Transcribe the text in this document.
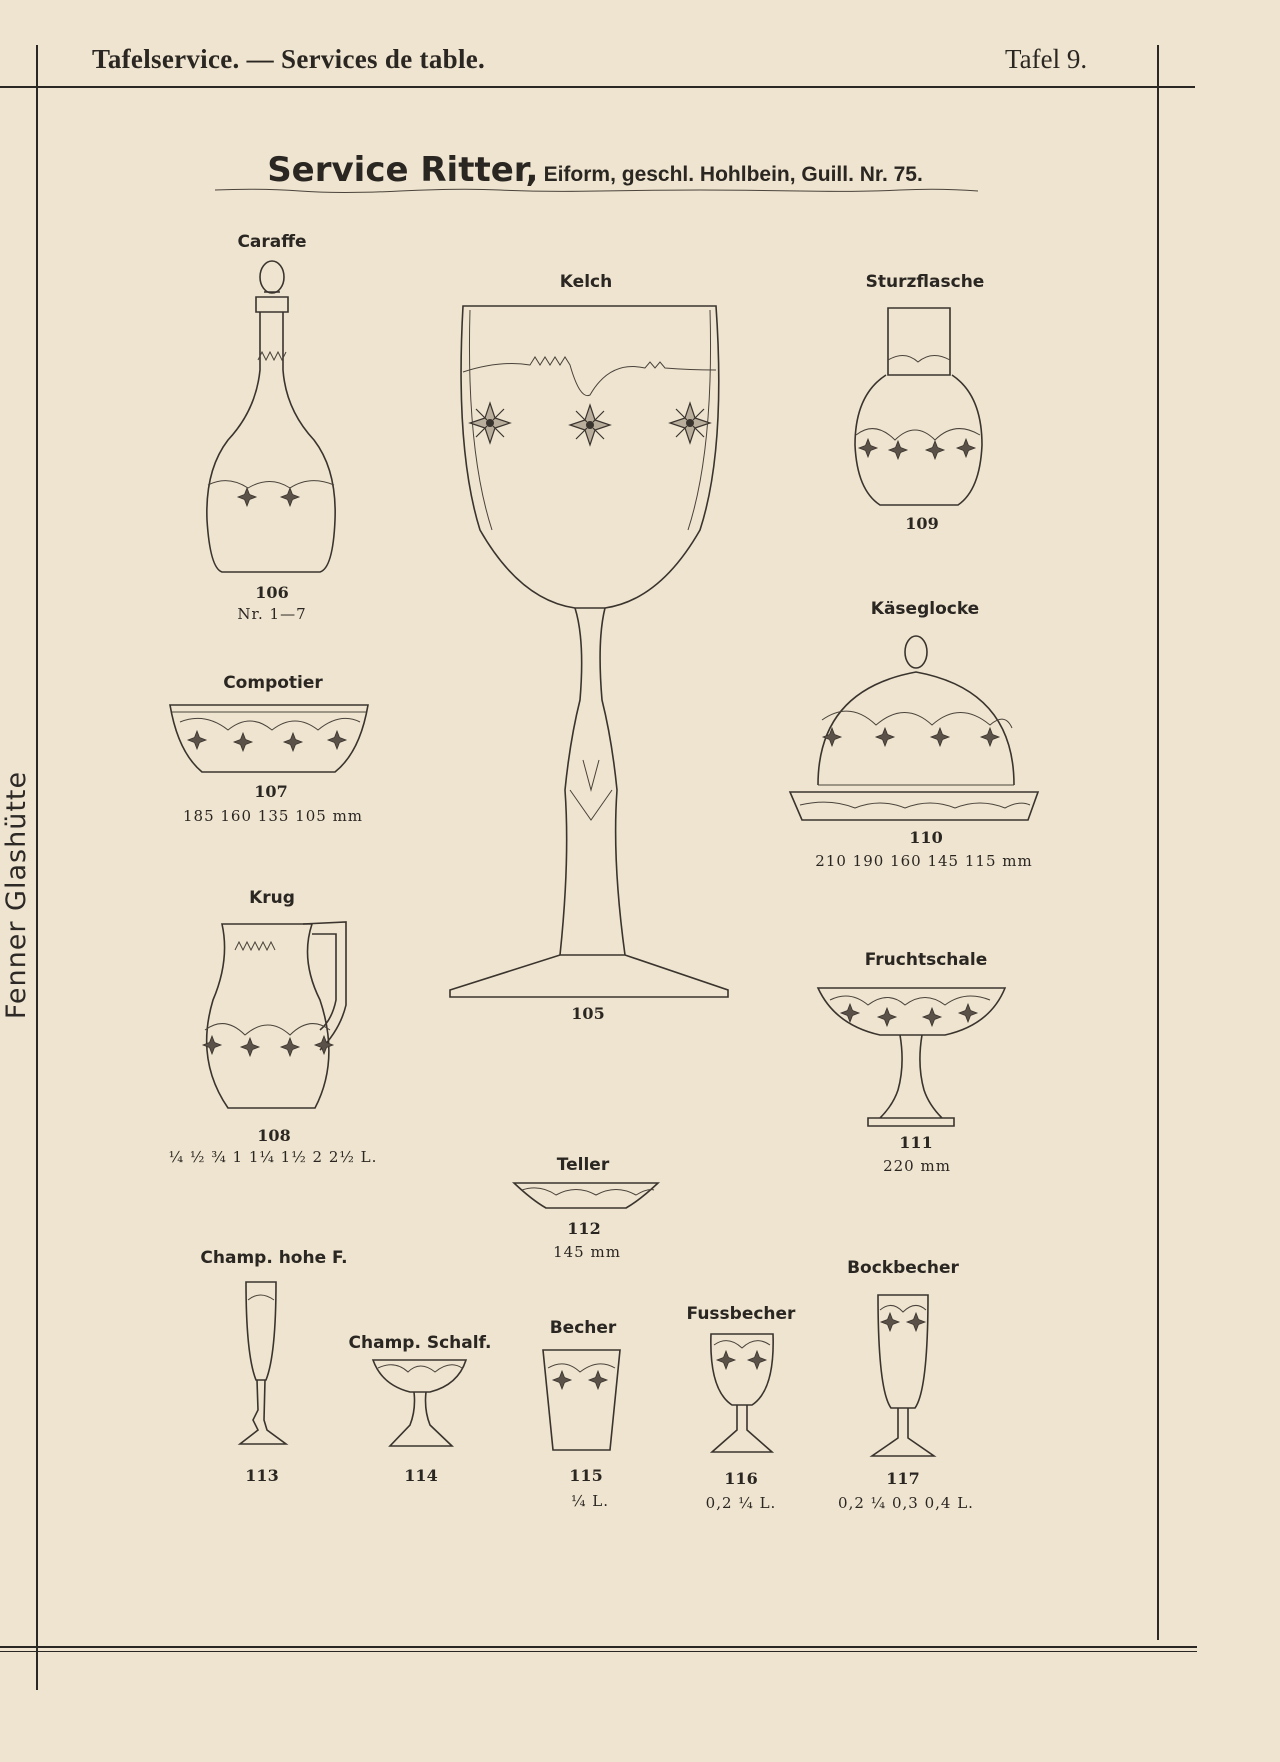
Tafelservice. — Services de table.	Tafel 9.
Fenner Glashütte
Service Ritter, Eiform, geschl. Hohlbein, Guill. Nr. 75.
Caraffe
106
Nr. 1—7
Kelch
105
Sturzflasche
109
Compotier
107
185 160 135 105 mm
Käseglocke
110
210 190 160 145 115 mm
Krug
108
¼ ½ ¾ 1 1¼ 1½ 2 2½ L.
Fruchtschale
111
220 mm
Teller
112
145 mm
Champ. hohe F.
113
Champ. Schalf.
114
Becher
115
¼ L.
Fussbecher
116
0,2 ¼ L.
Bockbecher
117
0,2 ¼ 0,3 0,4 L.
